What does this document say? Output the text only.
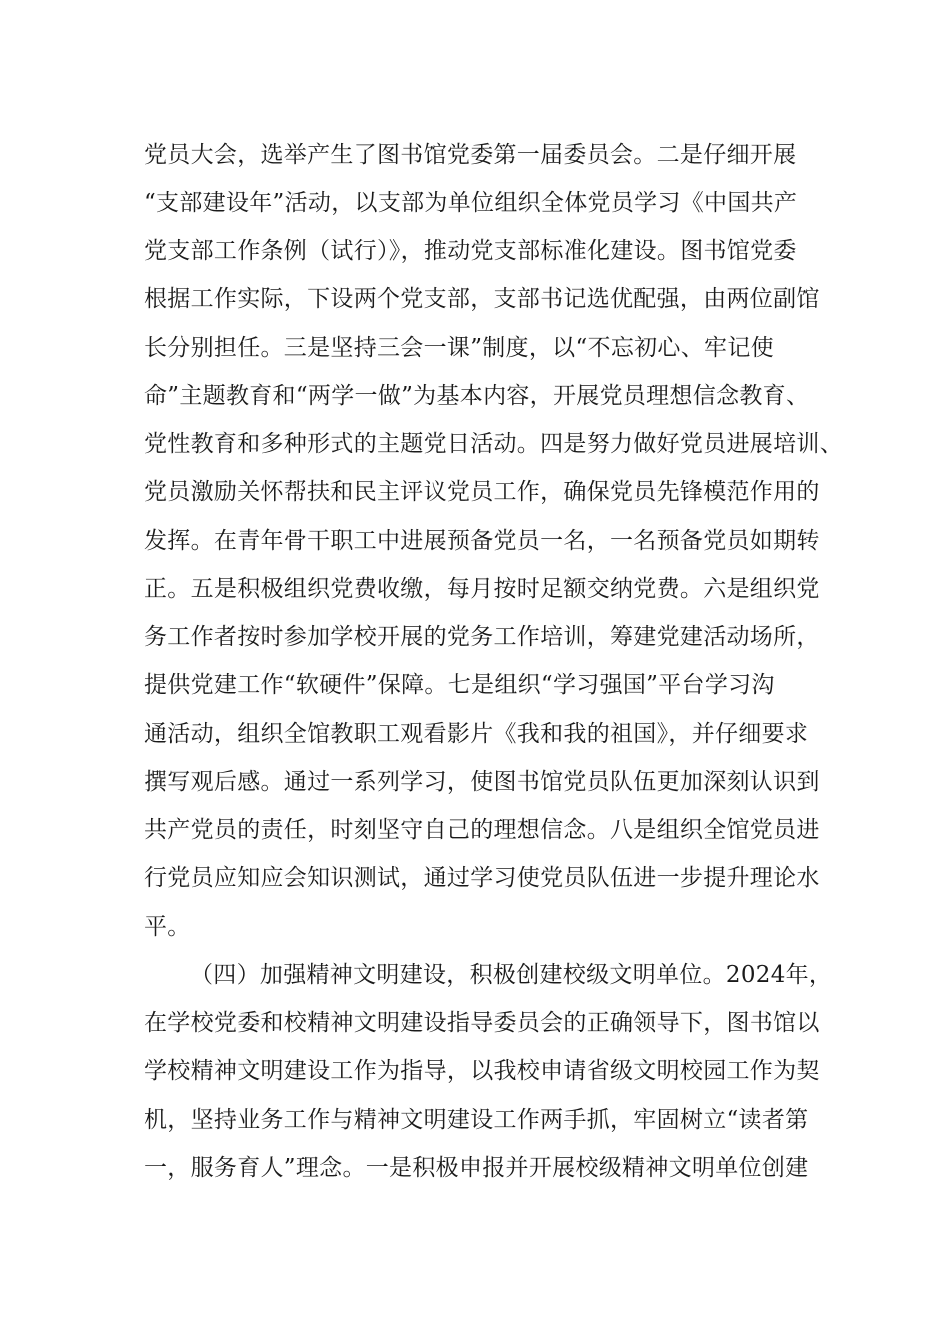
党员大会，选举产生了图书馆党委第一届委员会。二是仔细开展
“支部建设年”活动，以支部为单位组织全体党员学习《中国共产
党支部工作条例（试行）》，推动党支部标准化建设。图书馆党委
根据工作实际，下设两个党支部，支部书记选优配强，由两位副馆
长分别担任。三是坚持三会一课”制度，以“不忘初心、牢记使
命”主题教育和“两学一做”为基本内容，开展党员理想信念教育、
党性教育和多种形式的主题党日活动。四是努力做好党员进展培训、
党员激励关怀帮扶和民主评议党员工作，确保党员先锋模范作用的
发挥。在青年骨干职工中进展预备党员一名，一名预备党员如期转
正。五是积极组织党费收缴，每月按时足额交纳党费。六是组织党
务工作者按时参加学校开展的党务工作培训，筹建党建活动场所，
提供党建工作“软硬件”保障。七是组织“学习强国”平台学习沟
通活动，组织全馆教职工观看影片《我和我的祖国》，并仔细要求
撰写观后感。通过一系列学习，使图书馆党员队伍更加深刻认识到
共产党员的责任，时刻坚守自己的理想信念。八是组织全馆党员进
行党员应知应会知识测试，通过学习使党员队伍进一步提升理论水
平。
（四）加强精神文明建设，积极创建校级文明单位。2024年，
在学校党委和校精神文明建设指导委员会的正确领导下，图书馆以
学校精神文明建设工作为指导，以我校申请省级文明校园工作为契
机，坚持业务工作与精神文明建设工作两手抓，牢固树立“读者第
一，服务育人”理念。一是积极申报并开展校级精神文明单位创建
